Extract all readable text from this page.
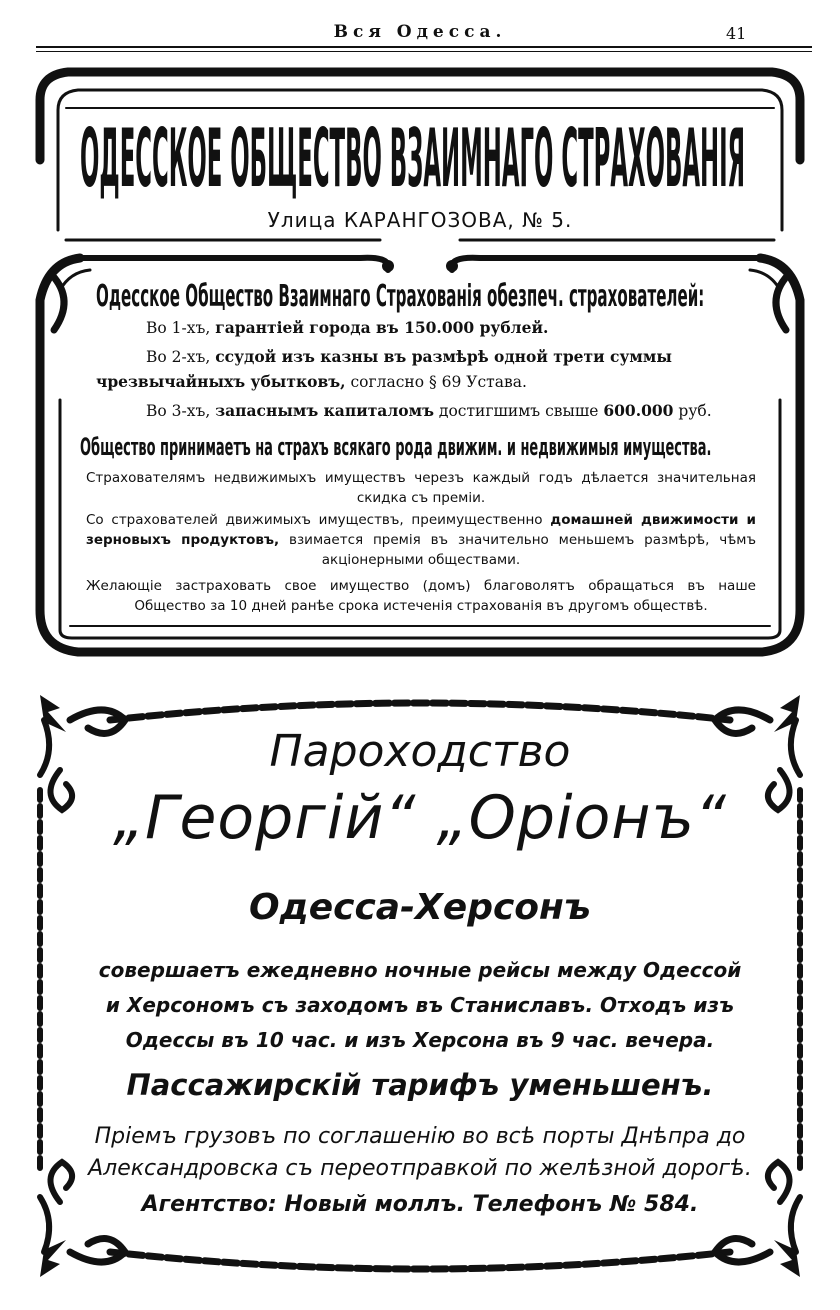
Вся Одесса.	41
ОДЕССКОЕ ОБЩЕСТВО ВЗАИМНАГО СТРАХОВАНІЯ
Улица КАРАНГОЗОВА, № 5.
Одесское Общество Взаимнаго Страхованія обезпеч. страхователей:
Во 1-хъ, гарантіей города въ 150.000 рублей.
Во 2-хъ, ссудой изъ казны въ размѣрѣ одной трети суммы
чрезвычайныхъ убытковъ, согласно § 69 Устава.
Во 3-хъ, запаснымъ капиталомъ достигшимъ свыше 600.000 руб.
Общество принимаетъ на страхъ всякаго рода движим. и недвижимыя имущества.
Страхователямъ недвижимыхъ имуществъ черезъ каждый годъ дѣлается значительная скидка съ преміи.
Со страхователей движимыхъ имуществъ, преимущественно домашней движимости и зерновыхъ продуктовъ, взимается премія въ значительно меньшемъ размѣрѣ, чѣмъ акціонерными обществами.
Желающіе застраховать свое имущество (домъ) благоволятъ обращаться въ наше Общество за 10 дней ранѣе срока истеченія страхованія въ другомъ обществѣ.
Пароходство
„Георгій“ „Оріонъ“
Одесса-Херсонъ
совершаетъ ежедневно ночные рейсы между Одессой
и Херсономъ съ заходомъ въ Станиславъ. Отходъ изъ
Одессы въ 10 час. и изъ Херсона въ 9 час. вечера.
Пассажирскій тарифъ уменьшенъ.
Пріемъ грузовъ по соглашенію во всѣ порты Днѣпра до
Александровска съ переотправкой по желѣзной дорогѣ.
Агентство: Новый моллъ. Телефонъ № 584.
